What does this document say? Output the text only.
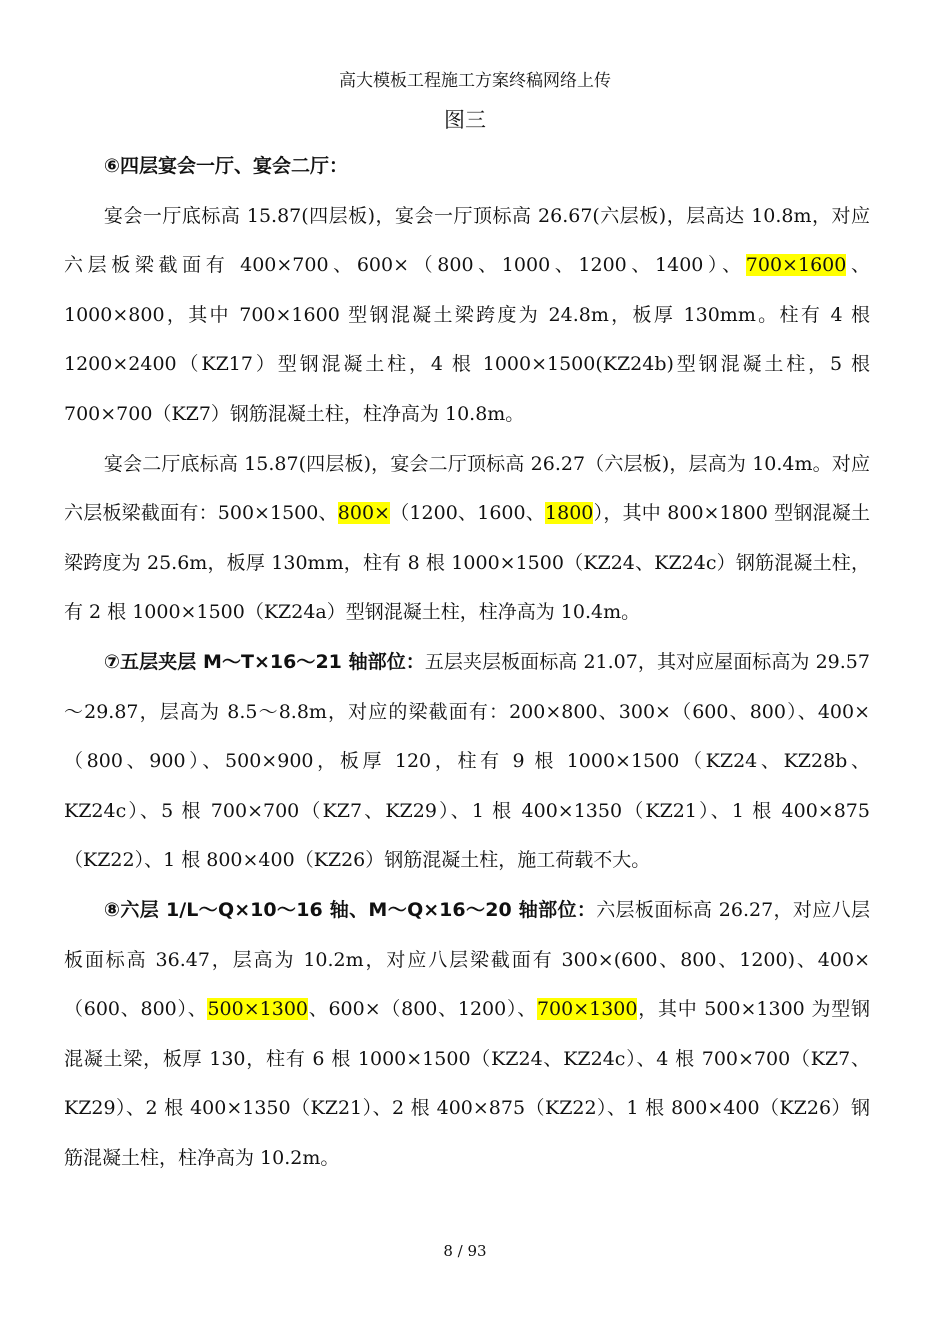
高大模板工程施工方案终稿网络上传
图三

⑥四层宴会一厅、宴会二厅：

宴会一厅底标高 15.87(四层板)，宴会一厅顶标高 26.67(六层板)，层高达 10.8m，对应六层板梁截面有 400×700、600×（800、1000、1200、1400）、700×1600、1000×800，其中 700×1600 型钢混凝土梁跨度为 24.8m，板厚 130mm。柱有 4 根 1200×2400（KZ17）型钢混凝土柱，4 根 1000×1500(KZ24b)型钢混凝土柱，5 根 700×700（KZ7）钢筋混凝土柱，柱净高为 10.8m。

宴会二厅底标高 15.87(四层板)，宴会二厅顶标高 26.27（六层板)，层高为 10.4m。对应六层板梁截面有：500×1500、800×（1200、1600、1800），其中 800×1800 型钢混凝土梁跨度为 25.6m，板厚 130mm，柱有 8 根 1000×1500（KZ24、KZ24c）钢筋混凝土柱，有 2 根 1000×1500（KZ24a）型钢混凝土柱，柱净高为 10.4m。

⑦五层夹层 M～T×16～21 轴部位：五层夹层板面标高 21.07，其对应屋面标高为 29.57 ～29.87，层高为 8.5～8.8m，对应的梁截面有：200×800、300×（600、800）、400×（800、900）、500×900，板厚 120，柱有 9 根 1000×1500（KZ24、KZ28b、KZ24c）、5 根 700×700（KZ7、KZ29）、1 根 400×1350（KZ21）、1 根 400×875（KZ22）、1 根 800×400（KZ26）钢筋混凝土柱，施工荷载不大。

⑧六层 1/L～Q×10～16 轴、M～Q×16～20 轴部位：六层板面标高 26.27，对应八层板面标高 36.47，层高为 10.2m，对应八层梁截面有 300×(600、800、1200)、400×（600、800）、500×1300、600×（800、1200）、700×1300，其中 500×1300 为型钢混凝土梁，板厚 130，柱有 6 根 1000×1500（KZ24、KZ24c）、4 根 700×700（KZ7、KZ29）、2 根 400×1350（KZ21）、2 根 400×875（KZ22）、1 根 800×400（KZ26）钢筋混凝土柱，柱净高为 10.2m。

8 / 93
